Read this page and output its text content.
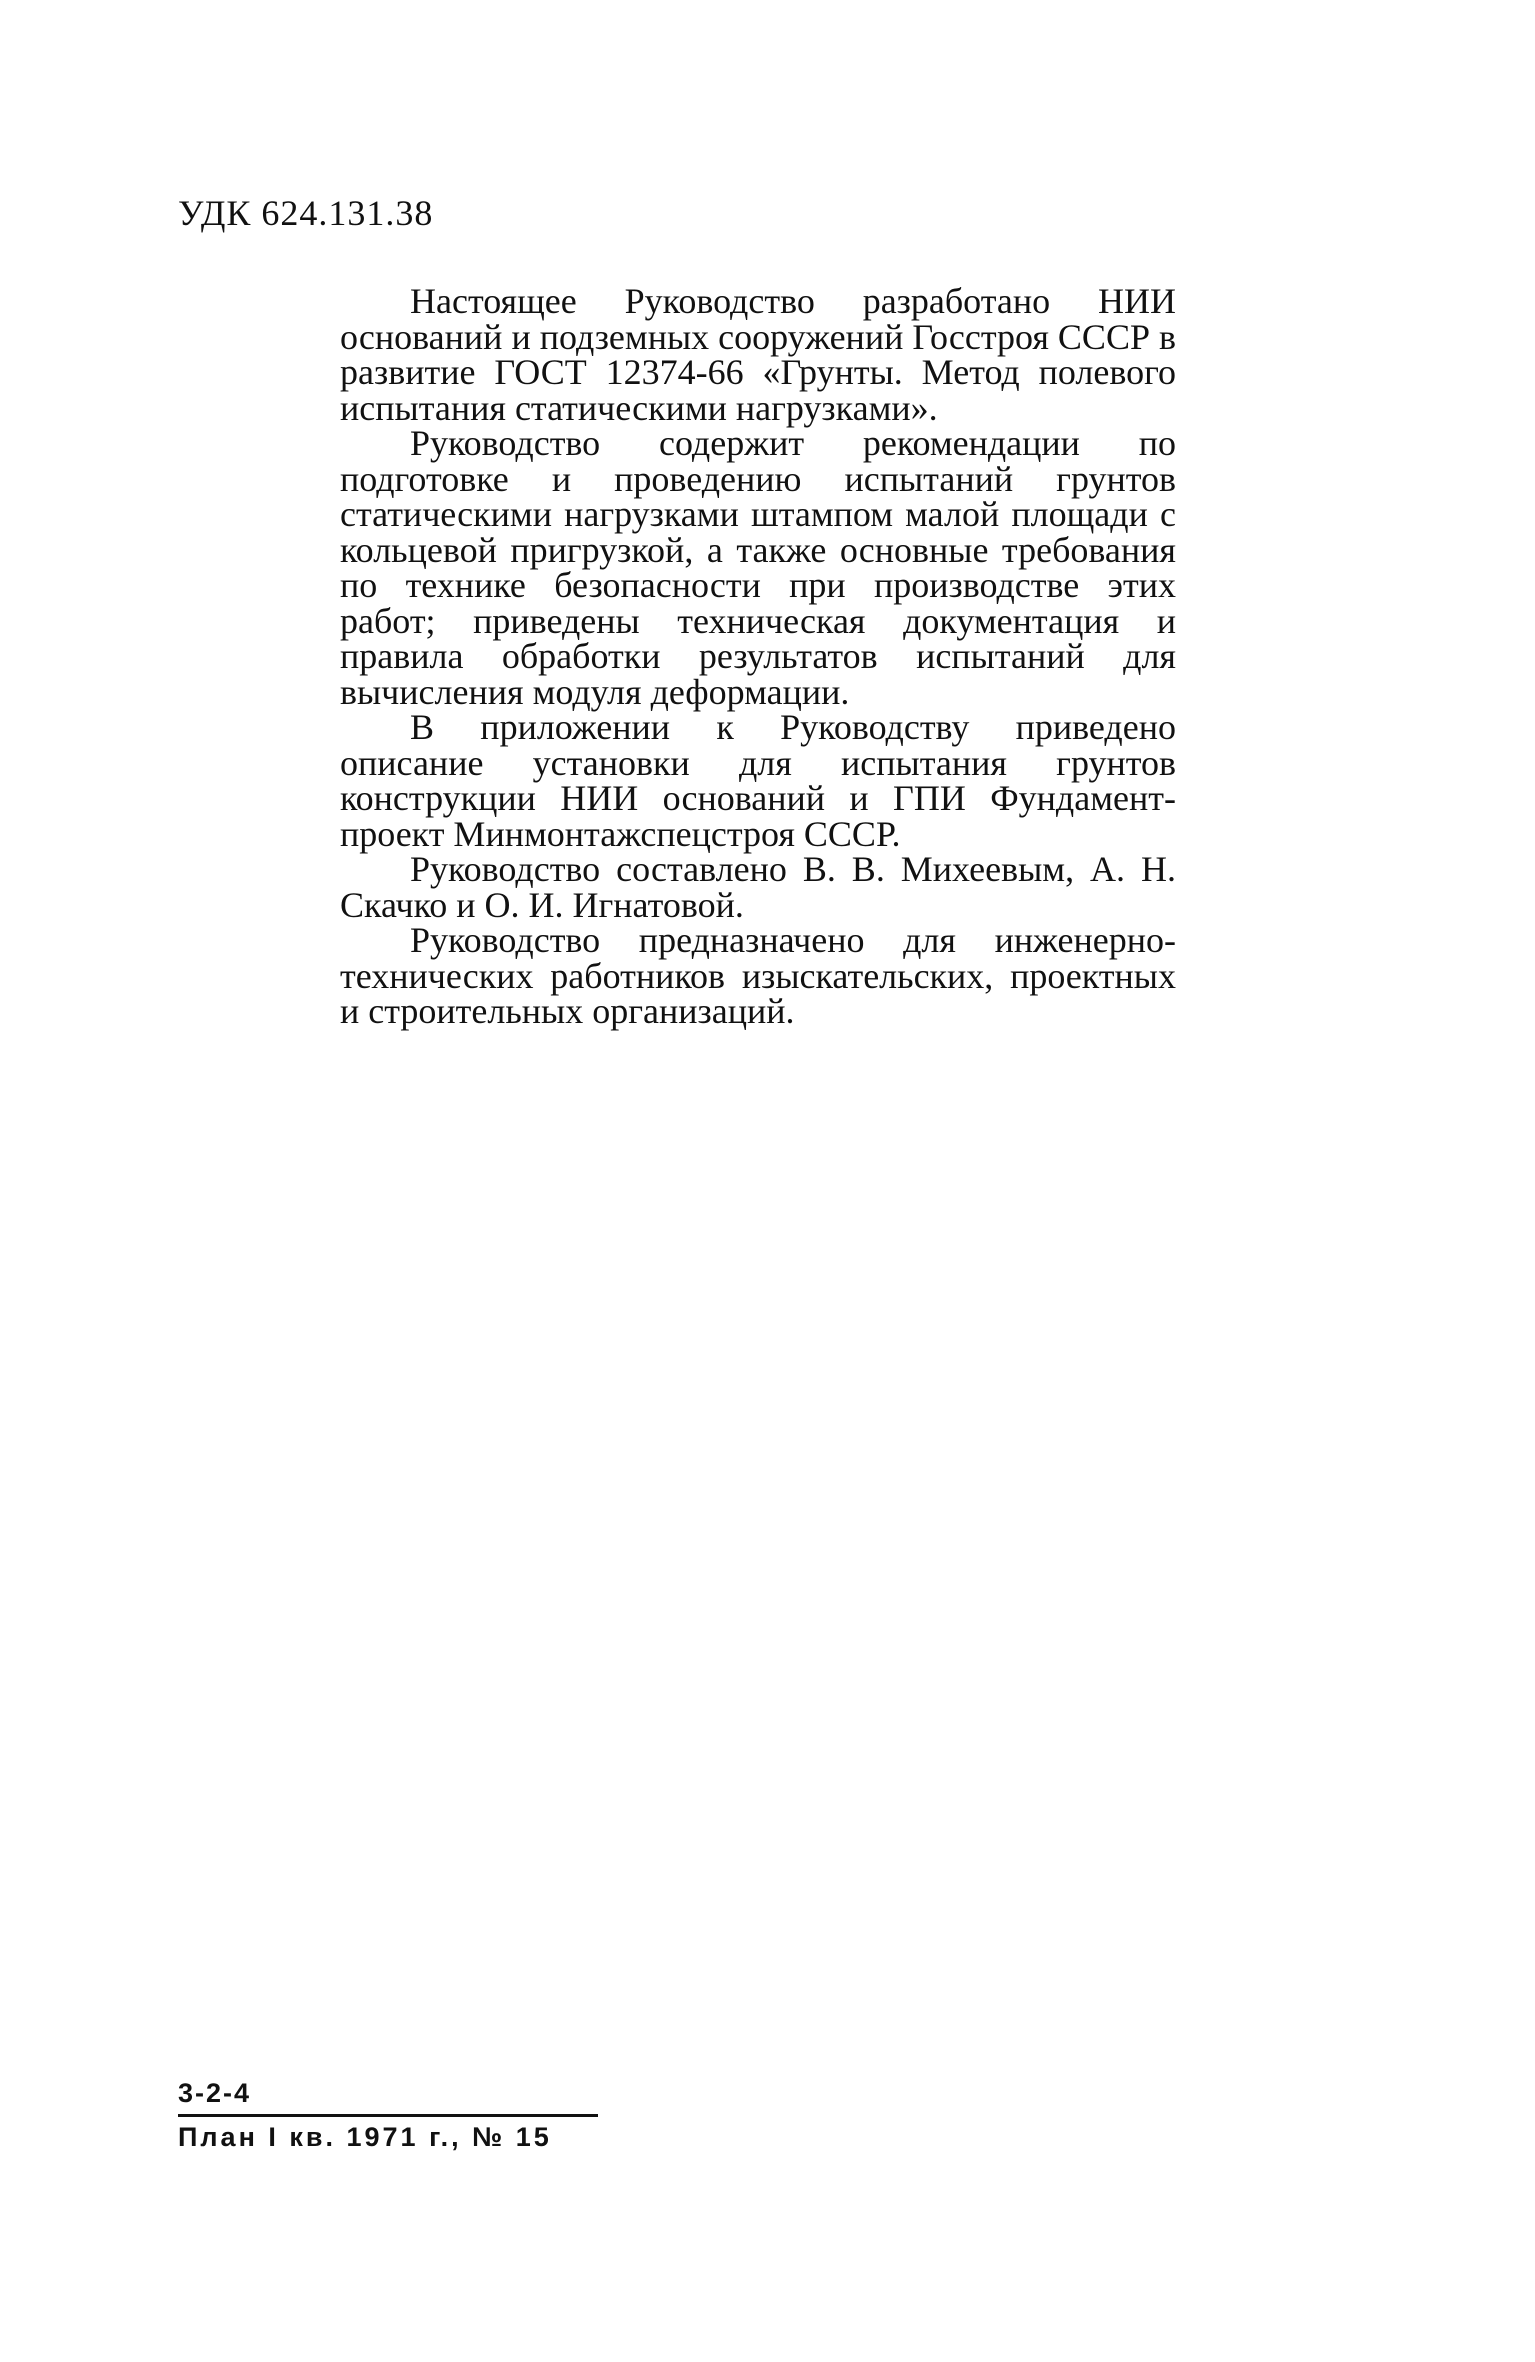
УДК 624.131.38

Настоящее Руководство разработано НИИ оснований и подземных сооружений Госстроя СССР в развитие ГОСТ 12374-66 «Грунты. Метод полевого испытания статическими нагрузками».

Руководство содержит рекомендации по подготовке и проведению испытаний грунтов статическими нагрузками штампом малой площади с кольцевой пригрузкой, а также основные требования по технике безопасности при производстве этих работ; приведены техническая документация и правила обработки результатов испытаний для вычисления модуля деформации.

В приложении к Руководству приведено описание установки для испытания грунтов конструкции НИИ оснований и ГПИ Фундаментпроект Минмонтажспецстроя СССР.

Руководство составлено В. В. Михеевым, А. Н. Скачко и О. И. Игнатовой.

Руководство предназначено для инженерно-технических работников изыскательских, проектных и строительных организаций.

3-2-4
План I кв. 1971 г., № 15
